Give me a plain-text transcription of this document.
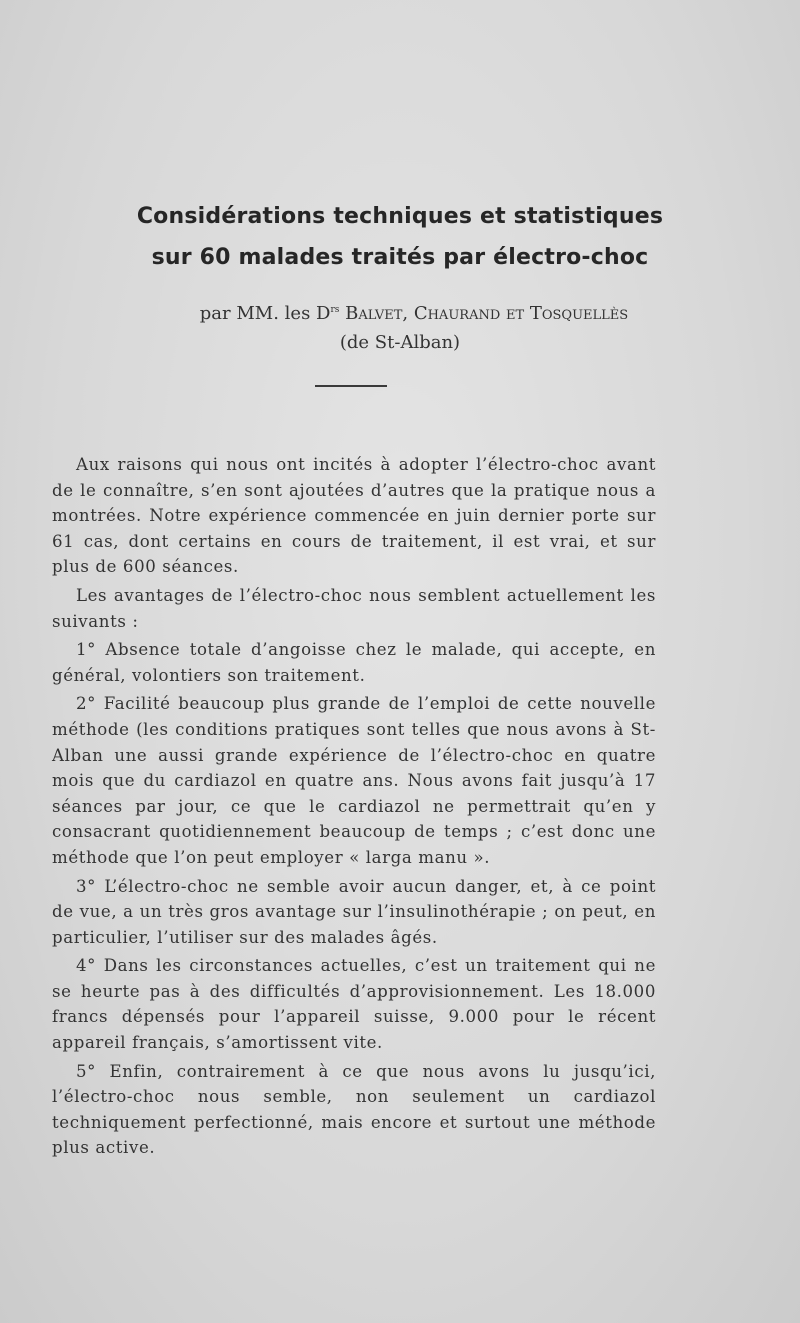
Considérations techniques et statistiques
sur 60 malades traités par électro-choc
par MM. les $D^{rs}$ Balvet, Chaurand et Tosquellès
(de St-Alban)

Aux raisons qui nous ont incités à adopter l’électro-choc avant de le connaître, s’en sont ajoutées d’autres que la pratique nous a montrées. Notre expérience commencée en juin dernier porte sur 61 cas, dont certains en cours de traitement, il est vrai, et sur plus de 600 séances.

Les avantages de l’électro-choc nous semblent actuellement les suivants :

1° Absence totale d’angoisse chez le malade, qui accepte, en général, volontiers son traitement.

2° Facilité beaucoup plus grande de l’emploi de cette nouvelle méthode (les conditions pratiques sont telles que nous avons à St-Alban une aussi grande expérience de l’électro-choc en quatre mois que du cardiazol en quatre ans. Nous avons fait jusqu’à 17 séances par jour, ce que le cardiazol ne permettrait qu’en y consacrant quotidiennement beaucoup de temps ; c’est donc une méthode que l’on peut employer « larga manu ».

3° L’électro-choc ne semble avoir aucun danger, et, à ce point de vue, a un très gros avantage sur l’insulinothérapie ; on peut, en particulier, l’utiliser sur des malades âgés.

4° Dans les circonstances actuelles, c’est un traitement qui ne se heurte pas à des difficultés d’approvisionnement. Les 18.000 francs dépensés pour l’appareil suisse, 9.000 pour le récent appareil français, s’amortissent vite.

5° Enfin, contrairement à ce que nous avons lu jusqu’ici, l’électro-choc nous semble, non seulement un cardiazol techniquement perfectionné, mais encore et surtout une méthode plus active.
